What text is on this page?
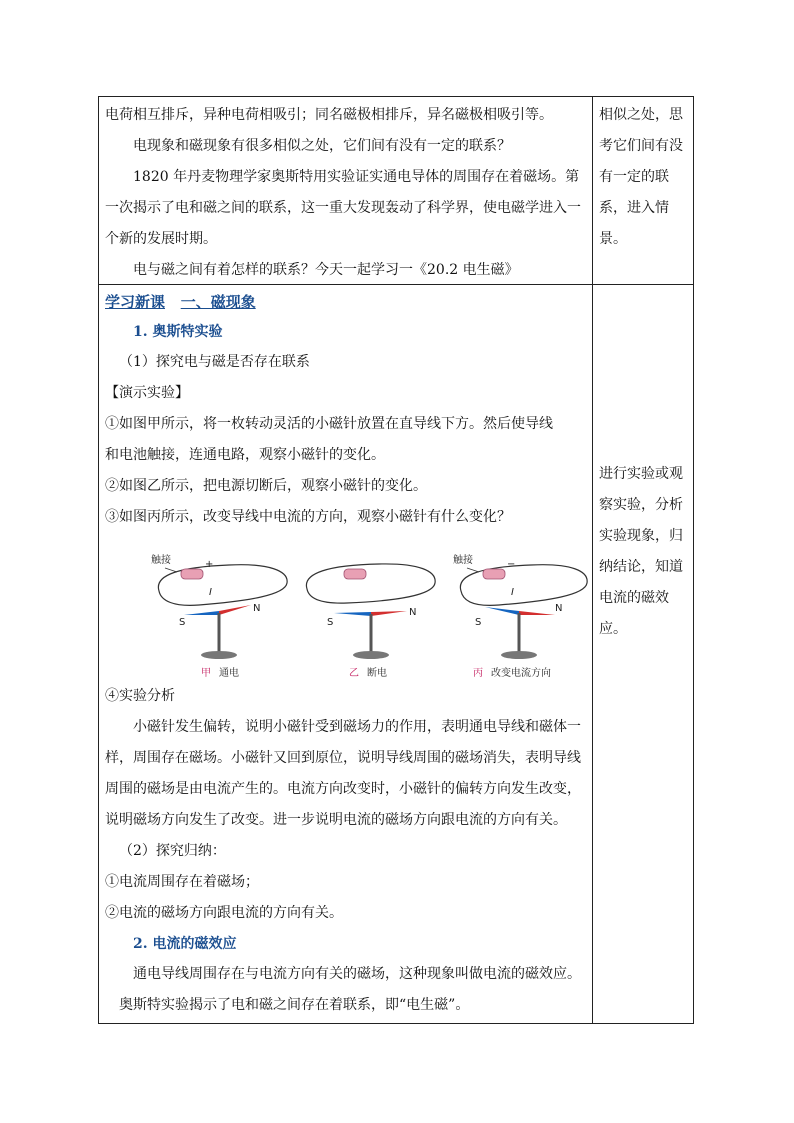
电荷相互排斥，异种电荷相吸引；同名磁极相排斥，异名磁极相吸引等。

电现象和磁现象有很多相似之处，它们间有没有一定的联系？

1820 年丹麦物理学家奥斯特用实验证实通电导体的周围存在着磁场。第

一次揭示了电和磁之间的联系，这一重大发现轰动了科学界，使电磁学进入一

个新的发展时期。

电与磁之间有着怎样的联系？今天一起学习一《20.2 电生磁》

相似之处，思

考它们间有没

有一定的联

系，进入情

景。

学习新课 一、磁现象

1. 奥斯特实验

（1）探究电与磁是否存在联系

【演示实验】

①如图甲所示，将一枚转动灵活的小磁针放置在直导线下方。然后使导线

和电池触接，连通电路，观察小磁针的变化。

②如图乙所示，把电源切断后，观察小磁针的变化。

③如图丙所示，改变导线中电流的方向，观察小磁针有什么变化？

触接	+
I
S
N
甲 通电
S
N
乙 断电
触接	−
I
S
N
丙 改变电流方向

④实验分析

小磁针发生偏转，说明小磁针受到磁场力的作用，表明通电导线和磁体一

样，周围存在磁场。小磁针又回到原位，说明导线周围的磁场消失，表明导线

周围的磁场是由电流产生的。电流方向改变时，小磁针的偏转方向发生改变，

说明磁场方向发生了改变。进一步说明电流的磁场方向跟电流的方向有关。

（2）探究归纳：

①电流周围存在着磁场；

②电流的磁场方向跟电流的方向有关。

2. 电流的磁效应

通电导线周围存在与电流方向有关的磁场，这种现象叫做电流的磁效应。

奥斯特实验揭示了电和磁之间存在着联系，即“电生磁”。

进行实验或观

察实验，分析

实验现象，归

纳结论，知道

电流的磁效

应。
